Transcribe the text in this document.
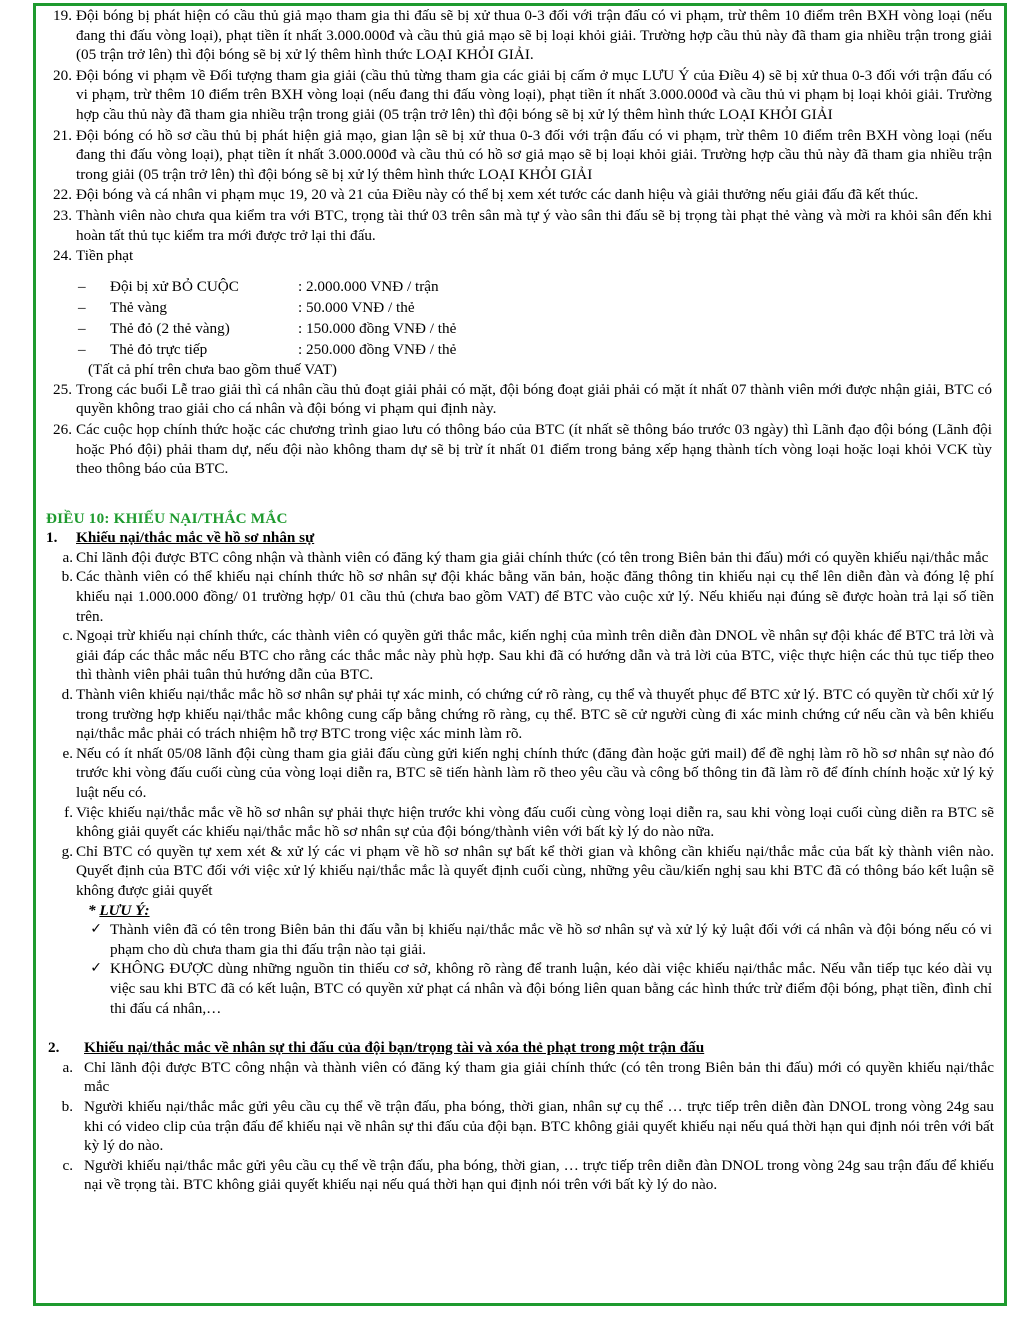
19. Đội bóng bị phát hiện có cầu thủ giả mạo tham gia thi đấu sẽ bị xử thua 0-3 đối với trận đấu có vi phạm, trừ thêm 10 điểm trên BXH vòng loại (nếu đang thi đấu vòng loại), phạt tiền ít nhất 3.000.000đ và cầu thủ giả mạo sẽ bị loại khỏi giải. Trường hợp cầu thủ này đã tham gia nhiều trận trong giải (05 trận trở lên) thì đội bóng sẽ bị xử lý thêm hình thức LOẠI KHỎI GIẢI.
20. Đội bóng vi phạm về Đối tượng tham gia giải (cầu thủ từng tham gia các giải bị cấm ở mục LƯU Ý của Điều 4) sẽ bị xử thua 0-3 đối với trận đấu có vi phạm, trừ thêm 10 điểm trên BXH vòng loại (nếu đang thi đấu vòng loại), phạt tiền ít nhất 3.000.000đ và cầu thủ vi phạm bị loại khỏi giải. Trường hợp cầu thủ này đã tham gia nhiều trận trong giải (05 trận trở lên) thì đội bóng sẽ bị xử lý thêm hình thức LOẠI KHỎI GIẢI
21. Đội bóng có hồ sơ cầu thủ bị phát hiện giả mạo, gian lận sẽ bị xử thua 0-3 đối với trận đấu có vi phạm, trừ thêm 10 điểm trên BXH vòng loại (nếu đang thi đấu vòng loại), phạt tiền ít nhất 3.000.000đ và cầu thủ có hồ sơ giả mạo sẽ bị loại khỏi giải. Trường hợp cầu thủ này đã tham gia nhiều trận trong giải (05 trận trở lên) thì đội bóng sẽ bị xử lý thêm hình thức LOẠI KHỎI GIẢI
22. Đội bóng và cá nhân vi phạm mục 19, 20 và 21 của Điều này có thể bị xem xét tước các danh hiệu và giải thưởng nếu giải đấu đã kết thúc.
23. Thành viên nào chưa qua kiểm tra với BTC, trọng tài thứ 03 trên sân mà tự ý vào sân thi đấu sẽ bị trọng tài phạt thẻ vàng và mời ra khỏi sân đến khi hoàn tất thủ tục kiểm tra mới được trở lại thi đấu.
24. Tiền phạt
–	Đội bị xử BỎ CUỘC	: 2.000.000 VNĐ / trận
–	Thẻ vàng	: 50.000 VNĐ / thẻ
–	Thẻ đỏ (2 thẻ vàng)	: 150.000 đồng VNĐ / thẻ
–	Thẻ đỏ trực tiếp	: 250.000 đồng VNĐ / thẻ
(Tất cả phí trên chưa bao gồm thuế VAT)
25. Trong các buổi Lễ trao giải thì cá nhân cầu thủ đoạt giải phải có mặt, đội bóng đoạt giải phải có mặt ít nhất 07 thành viên mới được nhận giải, BTC có quyền không trao giải cho cá nhân và đội bóng vi phạm qui định này.
26. Các cuộc họp chính thức hoặc các chương trình giao lưu có thông báo của BTC (ít nhất sẽ thông báo trước 03 ngày) thì Lãnh đạo đội bóng (Lãnh đội hoặc Phó đội) phải tham dự, nếu đội nào không tham dự sẽ bị trừ ít nhất 01 điểm trong bảng xếp hạng thành tích vòng loại hoặc loại khỏi VCK tùy theo thông báo của BTC.
ĐIỀU 10: KHIẾU NẠI/THẮC MẮC
1.	Khiếu nại/thắc mắc về hồ sơ nhân sự
a. Chỉ lãnh đội được BTC công nhận và thành viên có đăng ký tham gia giải chính thức (có tên trong Biên bản thi đấu) mới có quyền khiếu nại/thắc mắc
b. Các thành viên có thể khiếu nại chính thức hồ sơ nhân sự đội khác bằng văn bản, hoặc đăng thông tin khiếu nại cụ thể lên diễn đàn và đóng lệ phí khiếu nại 1.000.000 đồng/ 01 trường hợp/ 01 cầu thủ (chưa bao gồm VAT) để BTC vào cuộc xử lý. Nếu khiếu nại đúng sẽ được hoàn trả lại số tiền trên.
c. Ngoại trừ khiếu nại chính thức, các thành viên có quyền gửi thắc mắc, kiến nghị của mình trên diễn đàn DNOL về nhân sự đội khác để BTC trả lời và giải đáp các thắc mắc nếu BTC cho rằng các thắc mắc này phù hợp. Sau khi đã có hướng dẫn và trả lời của BTC, việc thực hiện các thủ tục tiếp theo thì thành viên phải tuân thủ hướng dẫn của BTC.
d. Thành viên khiếu nại/thắc mắc hồ sơ nhân sự phải tự xác minh, có chứng cứ rõ ràng, cụ thể và thuyết phục để BTC xử lý. BTC có quyền từ chối xử lý trong trường hợp khiếu nại/thắc mắc không cung cấp bằng chứng rõ ràng, cụ thể. BTC sẽ cử người cùng đi xác minh chứng cứ nếu cần và bên khiếu nại/thắc mắc phải có trách nhiệm hỗ trợ BTC trong việc xác minh làm rõ.
e. Nếu có ít nhất 05/08 lãnh đội cùng tham gia giải đấu cùng gửi kiến nghị chính thức (đăng đàn hoặc gửi mail) để đề nghị làm rõ hồ sơ nhân sự nào đó trước khi vòng đấu cuối cùng của vòng loại diễn ra, BTC sẽ tiến hành làm rõ theo yêu cầu và công bố thông tin đã làm rõ để đính chính hoặc xử lý kỷ luật nếu có.
f. Việc khiếu nại/thắc mắc về hồ sơ nhân sự phải thực hiện trước khi vòng đấu cuối cùng vòng loại diễn ra, sau khi vòng loại cuối cùng diễn ra BTC sẽ không giải quyết các khiếu nại/thắc mắc hồ sơ nhân sự của đội bóng/thành viên với bất kỳ lý do nào nữa.
g. Chỉ BTC có quyền tự xem xét & xử lý các vi phạm về hồ sơ nhân sự bất kể thời gian và không cần khiếu nại/thắc mắc của bất kỳ thành viên nào. Quyết định của BTC đối với việc xử lý khiếu nại/thắc mắc là quyết định cuối cùng, những yêu cầu/kiến nghị sau khi BTC đã có thông báo kết luận sẽ không được giải quyết
* LƯU Ý:
✓ Thành viên đã có tên trong Biên bản thi đấu vẫn bị khiếu nại/thắc mắc về hồ sơ nhân sự và xử lý kỷ luật đối với cá nhân và đội bóng nếu có vi phạm cho dù chưa tham gia thi đấu trận nào tại giải.
✓ KHÔNG ĐƯỢC dùng những nguồn tin thiếu cơ sở, không rõ ràng để tranh luận, kéo dài việc khiếu nại/thắc mắc. Nếu vẫn tiếp tục kéo dài vụ việc sau khi BTC đã có kết luận, BTC có quyền xử phạt cá nhân và đội bóng liên quan bằng các hình thức trừ điểm đội bóng, phạt tiền, đình chỉ thi đấu cá nhân,…
2.	Khiếu nại/thắc mắc về nhân sự thi đấu của đội bạn/trọng tài và xóa thẻ phạt trong một trận đấu
a. Chỉ lãnh đội được BTC công nhận và thành viên có đăng ký tham gia giải chính thức (có tên trong Biên bản thi đấu) mới có quyền khiếu nại/thắc mắc
b. Người khiếu nại/thắc mắc gửi yêu cầu cụ thể về trận đấu, pha bóng, thời gian, nhân sự cụ thể … trực tiếp trên diễn đàn DNOL trong vòng 24g sau khi có video clip của trận đấu để khiếu nại về nhân sự thi đấu của đội bạn. BTC không giải quyết khiếu nại nếu quá thời hạn qui định nói trên với bất kỳ lý do nào.
c. Người khiếu nại/thắc mắc gửi yêu cầu cụ thể về trận đấu, pha bóng, thời gian, … trực tiếp trên diễn đàn DNOL trong vòng 24g sau trận đấu để khiếu nại về trọng tài. BTC không giải quyết khiếu nại nếu quá thời hạn qui định nói trên với bất kỳ lý do nào.
